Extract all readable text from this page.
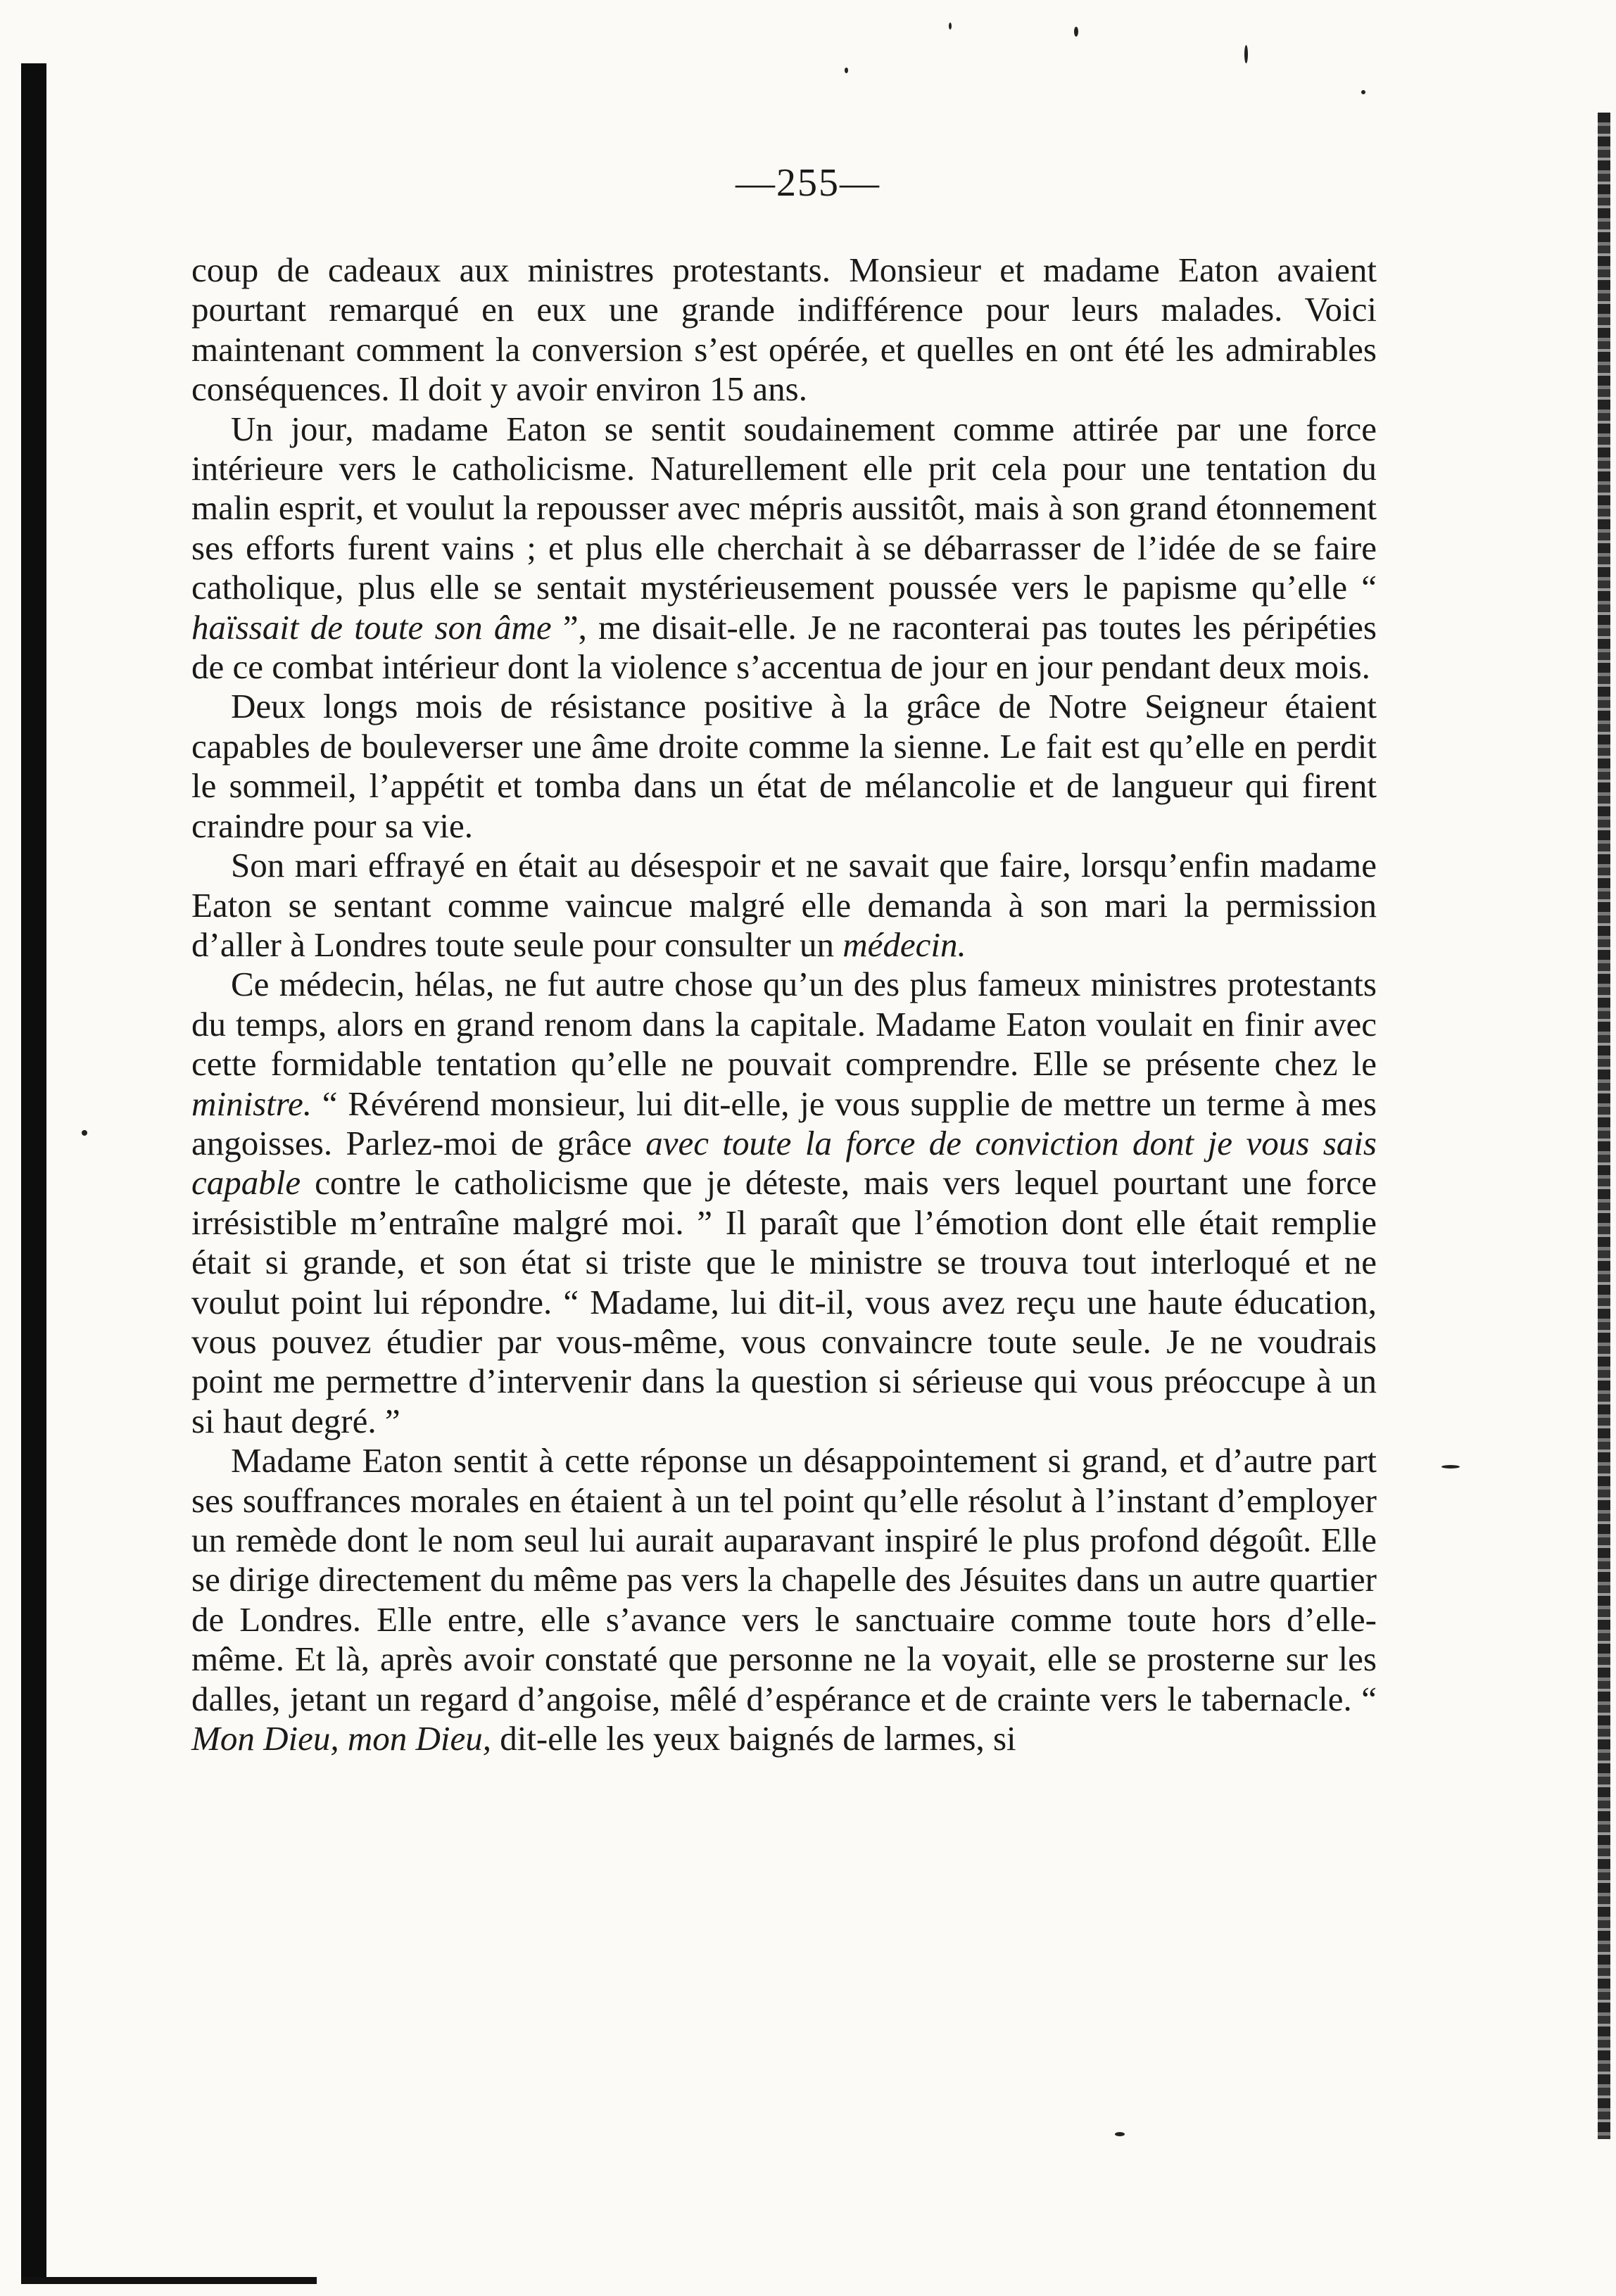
—255—

coup de cadeaux aux ministres protestants. Monsieur et madame Eaton avaient pourtant remarqué en eux une grande indifférence pour leurs malades. Voici maintenant comment la conversion s’est opérée, et quelles en ont été les admirables conséquences. Il doit y avoir environ 15 ans.

Un jour, madame Eaton se sentit soudainement comme attirée par une force intérieure vers le catholicisme. Naturellement elle prit cela pour une tentation du malin esprit, et voulut la repousser avec mépris aussitôt, mais à son grand étonnement ses efforts furent vains ; et plus elle cherchait à se débarrasser de l’idée de se faire catholique, plus elle se sentait mystérieusement poussée vers le papisme qu’elle “ haïssait de toute son âme ”, me disait-elle. Je ne raconterai pas toutes les péripéties de ce combat intérieur dont la violence s’accentua de jour en jour pendant deux mois.

Deux longs mois de résistance positive à la grâce de Notre Seigneur étaient capables de bouleverser une âme droite comme la sienne. Le fait est qu’elle en perdit le sommeil, l’appétit et tomba dans un état de mélancolie et de langueur qui firent craindre pour sa vie.

Son mari effrayé en était au désespoir et ne savait que faire, lorsqu’enfin madame Eaton se sentant comme vaincue malgré elle demanda à son mari la permission d’aller à Londres toute seule pour consulter un médecin.

Ce médecin, hélas, ne fut autre chose qu’un des plus fameux ministres protestants du temps, alors en grand renom dans la capitale. Madame Eaton voulait en finir avec cette formidable tentation qu’elle ne pouvait comprendre. Elle se présente chez le ministre. “ Révérend monsieur, lui dit-elle, je vous supplie de mettre un terme à mes angoisses. Parlez-moi de grâce avec toute la force de conviction dont je vous sais capable contre le catholicisme que je déteste, mais vers lequel pourtant une force irrésistible m’entraîne malgré moi. ” Il paraît que l’émotion dont elle était remplie était si grande, et son état si triste que le ministre se trouva tout interloqué et ne voulut point lui répondre. “ Madame, lui dit-il, vous avez reçu une haute éducation, vous pouvez étudier par vous-même, vous convaincre toute seule. Je ne voudrais point me permettre d’intervenir dans la question si sérieuse qui vous préoccupe à un si haut degré. ”

Madame Eaton sentit à cette réponse un désappointement si grand, et d’autre part ses souffrances morales en étaient à un tel point qu’elle résolut à l’instant d’employer un remède dont le nom seul lui aurait auparavant inspiré le plus profond dégoût. Elle se dirige directement du même pas vers la chapelle des Jésuites dans un autre quartier de Londres. Elle entre, elle s’avance vers le sanctuaire comme toute hors d’elle-même. Et là, après avoir constaté que personne ne la voyait, elle se prosterne sur les dalles, jetant un regard d’angoise, mêlé d’espérance et de crainte vers le tabernacle. “ Mon Dieu, mon Dieu, dit-elle les yeux baignés de larmes, si
